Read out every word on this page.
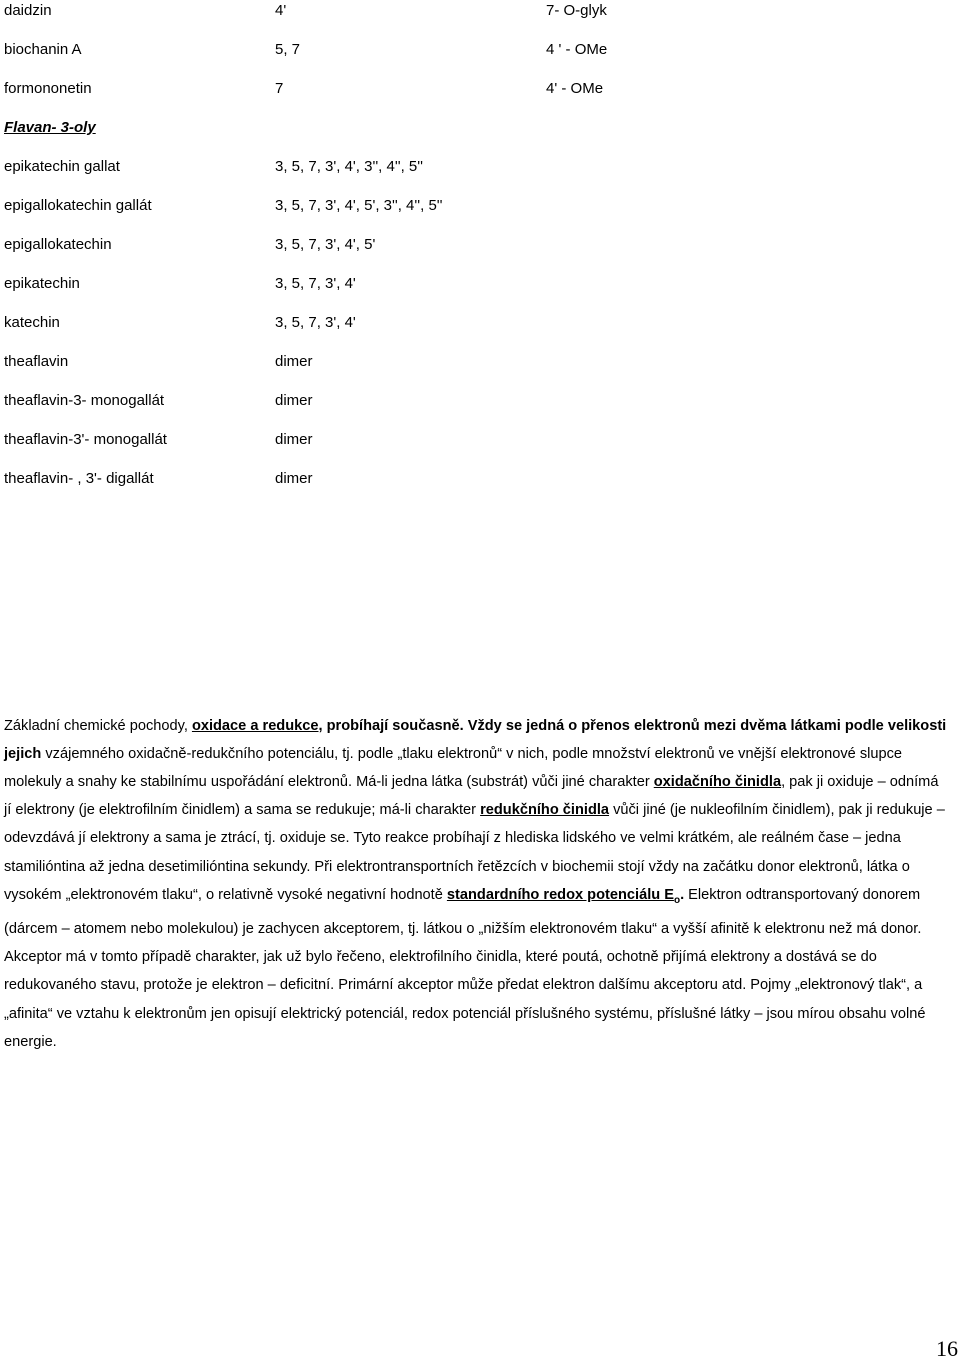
daidzin	4'	7- O-glyk
biochanin A	5, 7	4 ' - OMe
formononetin	7	4' - OMe
Flavan- 3-oly
epikatechin gallat	3, 5, 7, 3', 4', 3'', 4'', 5''
epigallokatechin gallát	3, 5, 7, 3', 4', 5', 3'', 4'', 5''
epigallokatechin	3, 5, 7, 3', 4', 5'
epikatechin	3, 5, 7, 3', 4'
katechin	3, 5, 7, 3', 4'
theaflavin	dimer
theaflavin-3- monogallát	dimer
theaflavin-3'- monogallát	dimer
theaflavin- , 3'- digallát	dimer

Základní chemické pochody, oxidace a redukce, probíhají současně. Vždy se jedná o přenos elektronů mezi dvěma látkami podle velikosti jejich vzájemného oxidačně-redukčního potenciálu, tj. podle „tlaku elektronů“ v nich, podle množství elektronů ve vnější elektronové slupce molekuly a snahy ke stabilnímu uspořádání elektronů. Má-li jedna látka (substrát) vůči jiné charakter oxidačního činidla, pak ji oxiduje – odnímá jí elektrony (je elektrofilním činidlem) a sama se redukuje; má-li charakter redukčního činidla vůči jiné (je nukleofilním činidlem), pak ji redukuje – odevzdává jí elektrony a sama je ztrácí, tj. oxiduje se. Tyto reakce probíhají z hlediska lidského ve velmi krátkém, ale reálném čase – jedna stamilióntina až jedna desetimilióntina sekundy. Při elektrontransportních řetězcích v biochemii stojí vždy na začátku donor elektronů, látka o vysokém „elektronovém tlaku“, o relativně vysoké negativní hodnotě standardního redox potenciálu $E_o$. Elektron odtransportovaný donorem (dárcem – atomem nebo molekulou) je zachycen akceptorem, tj. látkou o „nižším elektronovém tlaku“ a vyšší afinitě k elektronu než má donor. Akceptor má v tomto případě charakter, jak už bylo řečeno, elektrofilního činidla, které poutá, ochotně přijímá elektrony a dostává se do redukovaného stavu, protože je elektron – deficitní. Primární akceptor může předat elektron dalšímu akceptoru atd. Pojmy „elektronový tlak“, a „afinita“ ve vztahu k elektronům jen opisují elektrický potenciál, redox potenciál příslušného systému, příslušné látky – jsou mírou obsahu volné energie.

16
